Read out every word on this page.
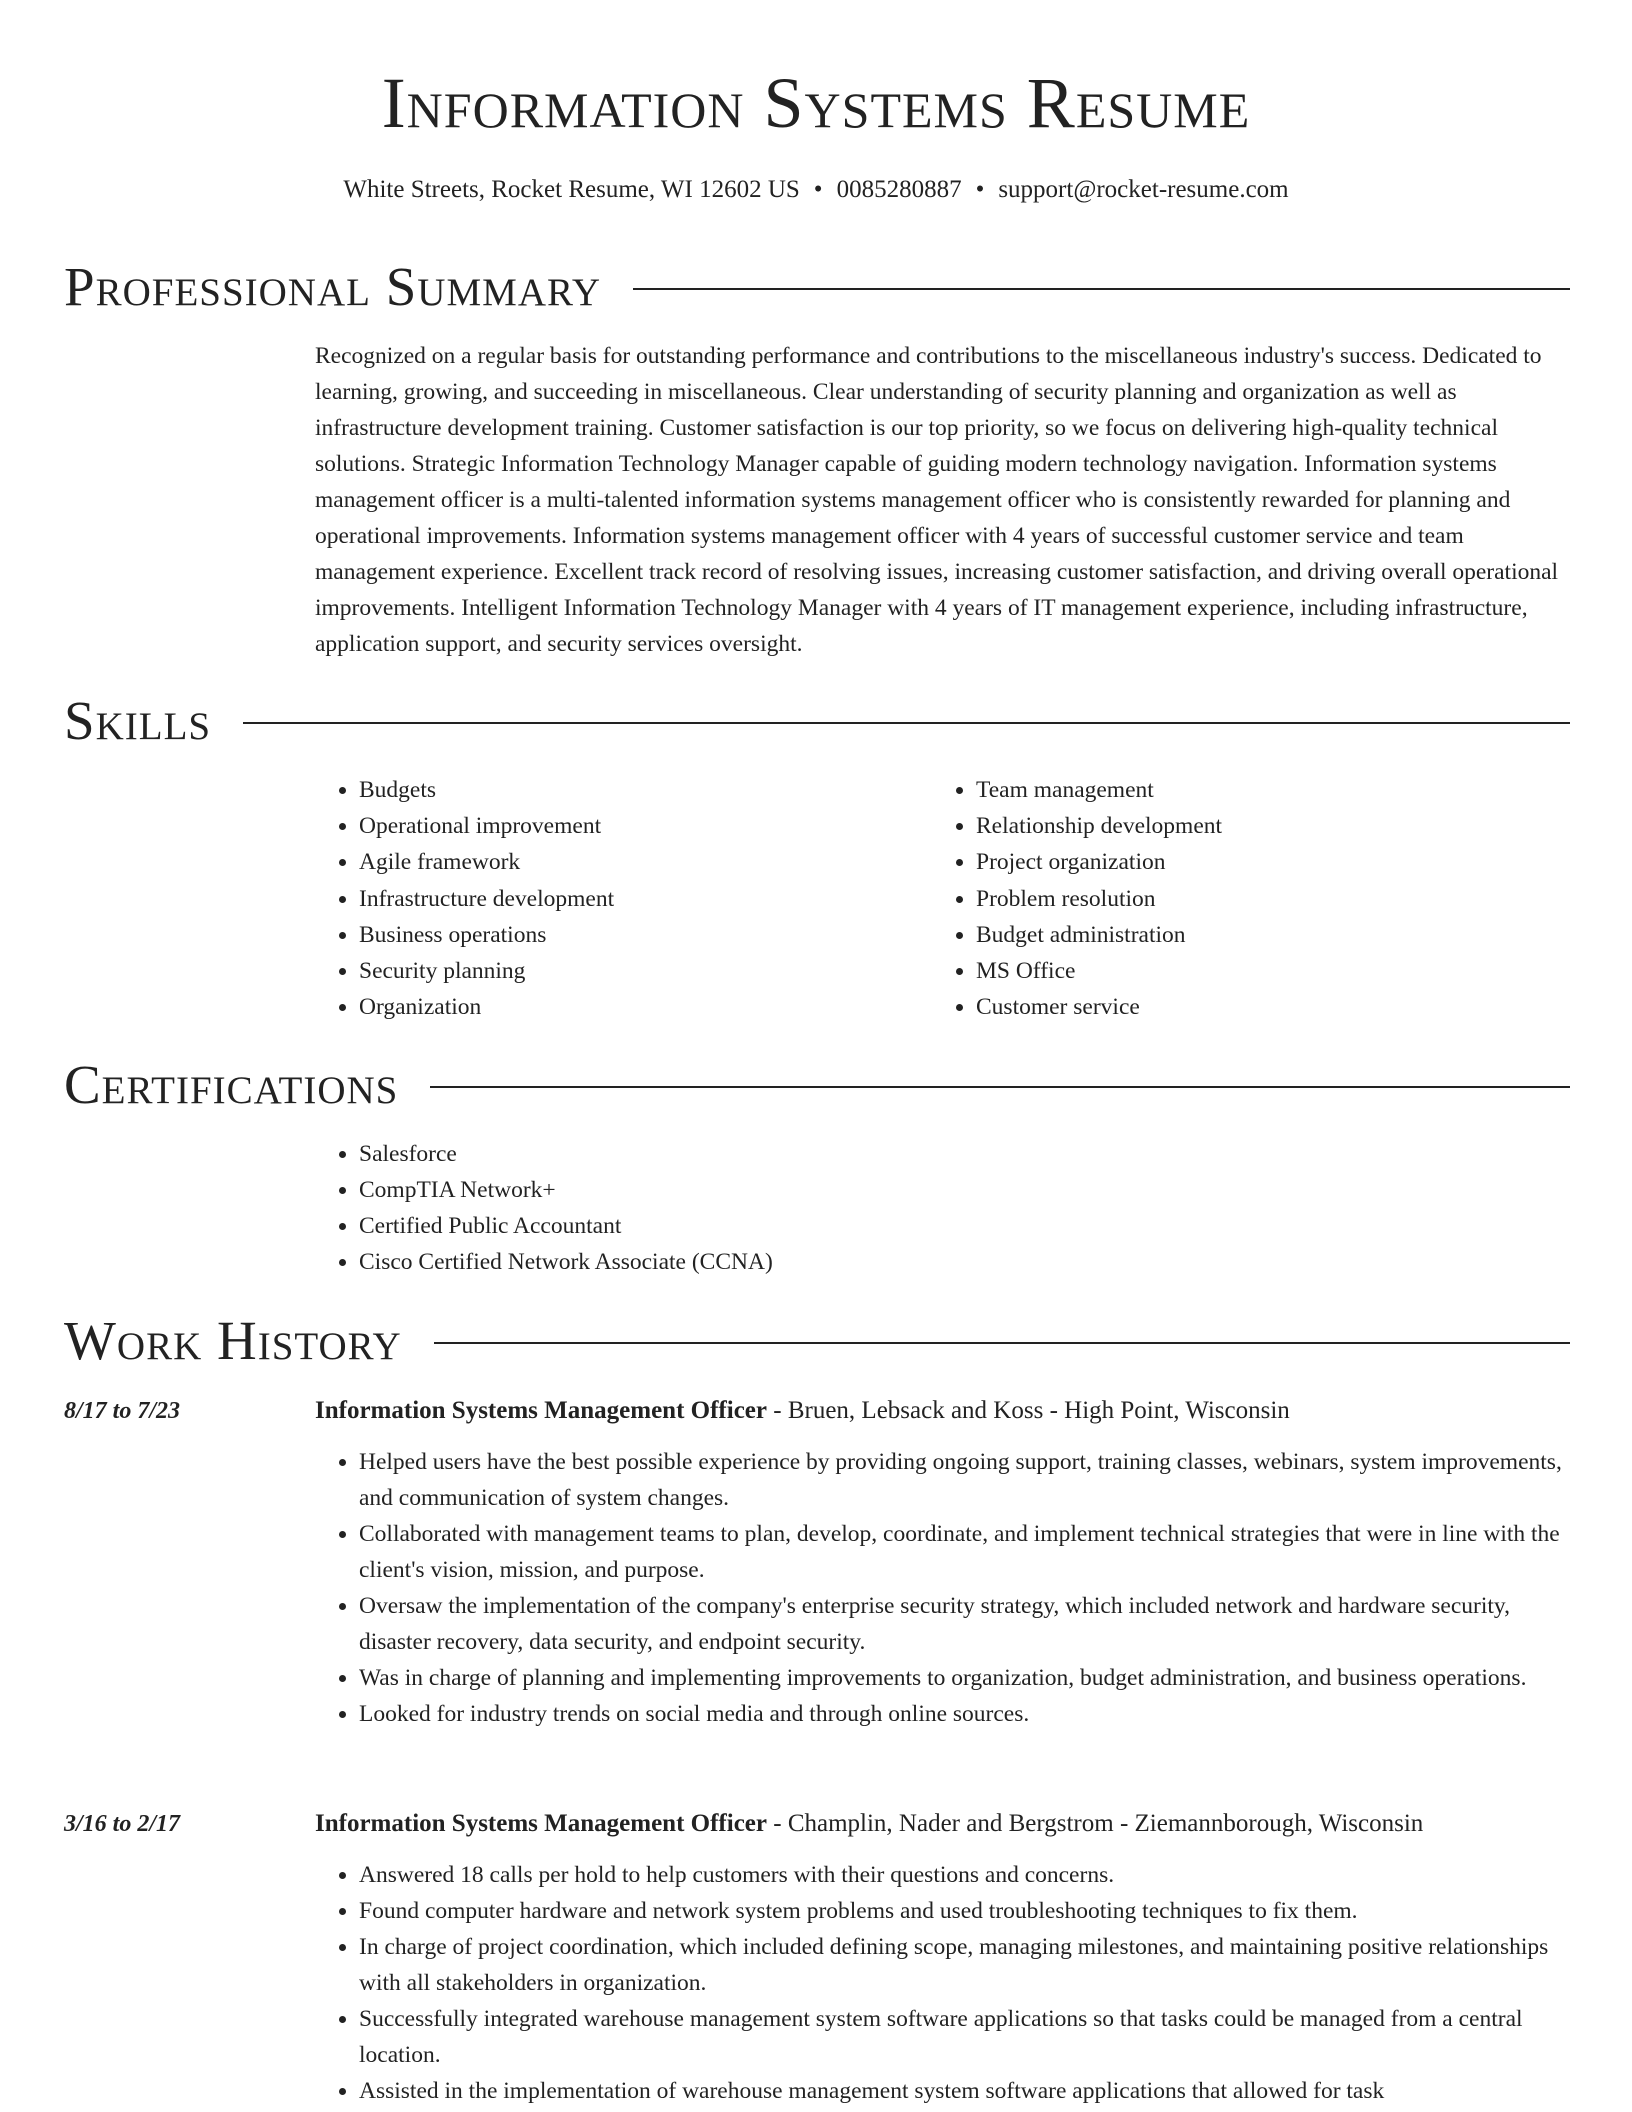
Information Systems Resume
White Streets, Rocket Resume, WI 12602 US • 0085280887 • support@rocket-resume.com
Professional Summary

Recognized on a regular basis for outstanding performance and contributions to the miscellaneous industry's success. Dedicated to learning, growing, and succeeding in miscellaneous. Clear understanding of security planning and organization as well as infrastructure development training. Customer satisfaction is our top priority, so we focus on delivering high-quality technical solutions. Strategic Information Technology Manager capable of guiding modern technology navigation. Information systems management officer is a multi-talented information systems management officer who is consistently rewarded for planning and operational improvements. Information systems management officer with 4 years of successful customer service and team management experience. Excellent track record of resolving issues, increasing customer satisfaction, and driving overall operational improvements. Intelligent Information Technology Manager with 4 years of IT management experience, including infrastructure, application support, and security services oversight.

Skills
• Budgets
• Operational improvement
• Agile framework
• Infrastructure development
• Business operations
• Security planning
• Organization
• Team management
• Relationship development
• Project organization
• Problem resolution
• Budget administration
• MS Office
• Customer service
Certifications
• Salesforce
• CompTIA Network+
• Certified Public Accountant
• Cisco Certified Network Associate (CCNA)
Work History
8/17 to 7/23	Information Systems Management Officer - Bruen, Lebsack and Koss - High Point, Wisconsin
• Helped users have the best possible experience by providing ongoing support, training classes, webinars, system improvements, and communication of system changes.
• Collaborated with management teams to plan, develop, coordinate, and implement technical strategies that were in line with the client's vision, mission, and purpose.
• Oversaw the implementation of the company's enterprise security strategy, which included network and hardware security, disaster recovery, data security, and endpoint security.
• Was in charge of planning and implementing improvements to organization, budget administration, and business operations.
• Looked for industry trends on social media and through online sources.
3/16 to 2/17	Information Systems Management Officer - Champlin, Nader and Bergstrom - Ziemannborough, Wisconsin
• Answered 18 calls per hold to help customers with their questions and concerns.
• Found computer hardware and network system problems and used troubleshooting techniques to fix them.
• In charge of project coordination, which included defining scope, managing milestones, and maintaining positive relationships with all stakeholders in organization.
• Successfully integrated warehouse management system software applications so that tasks could be managed from a central location.
• Assisted in the implementation of warehouse management system software applications that allowed for task
